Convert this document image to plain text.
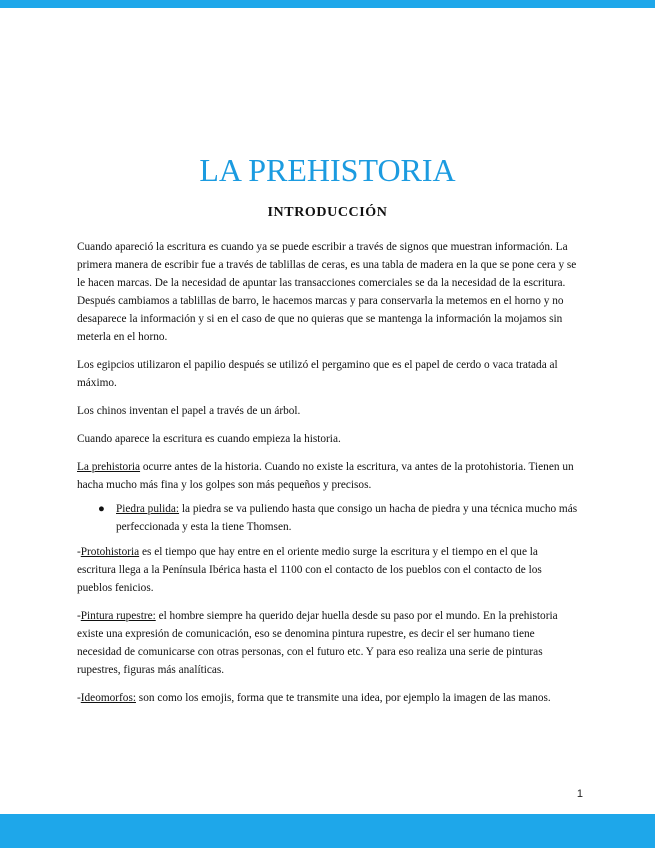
LA PREHISTORIA
INTRODUCCIÓN

Cuando apareció la escritura es cuando ya se puede escribir a través de signos que muestran información. La primera manera de escribir fue a través de tablillas de ceras, es una tabla de madera en la que se pone cera y se le hacen marcas. De la necesidad de apuntar las transacciones comerciales se da la necesidad de la escritura. Después cambiamos a tablillas de barro, le hacemos marcas y para conservarla la metemos en el horno y no desaparece la información y si en el caso de que no quieras que se mantenga la información la mojamos sin meterla en el horno.

Los egipcios utilizaron el papilio después se utilizó el pergamino que es el papel de cerdo o vaca tratada al máximo.

Los chinos inventan el papel a través de un árbol.

Cuando aparece la escritura es cuando empieza la historia.

La prehistoria ocurre antes de la historia. Cuando no existe la escritura, va antes de la protohistoria. Tienen un hacha mucho más fina y los golpes son más pequeños y precisos.

● Piedra pulida: la piedra se va puliendo hasta que consigo un hacha de piedra y una técnica mucho más perfeccionada y esta la tiene Thomsen.

-Protohistoria es el tiempo que hay entre en el oriente medio surge la escritura y el tiempo en el que la escritura llega a la Península Ibérica hasta el 1100 con el contacto de los pueblos con el contacto de los pueblos fenicios.

-Pintura rupestre: el hombre siempre ha querido dejar huella desde su paso por el mundo. En la prehistoria existe una expresión de comunicación, eso se denomina pintura rupestre, es decir el ser humano tiene necesidad de comunicarse con otras personas, con el futuro etc. Y para eso realiza una serie de pinturas rupestres, figuras más analíticas.

-Ideomorfos: son como los emojis, forma que te transmite una idea, por ejemplo la imagen de las manos.

1
